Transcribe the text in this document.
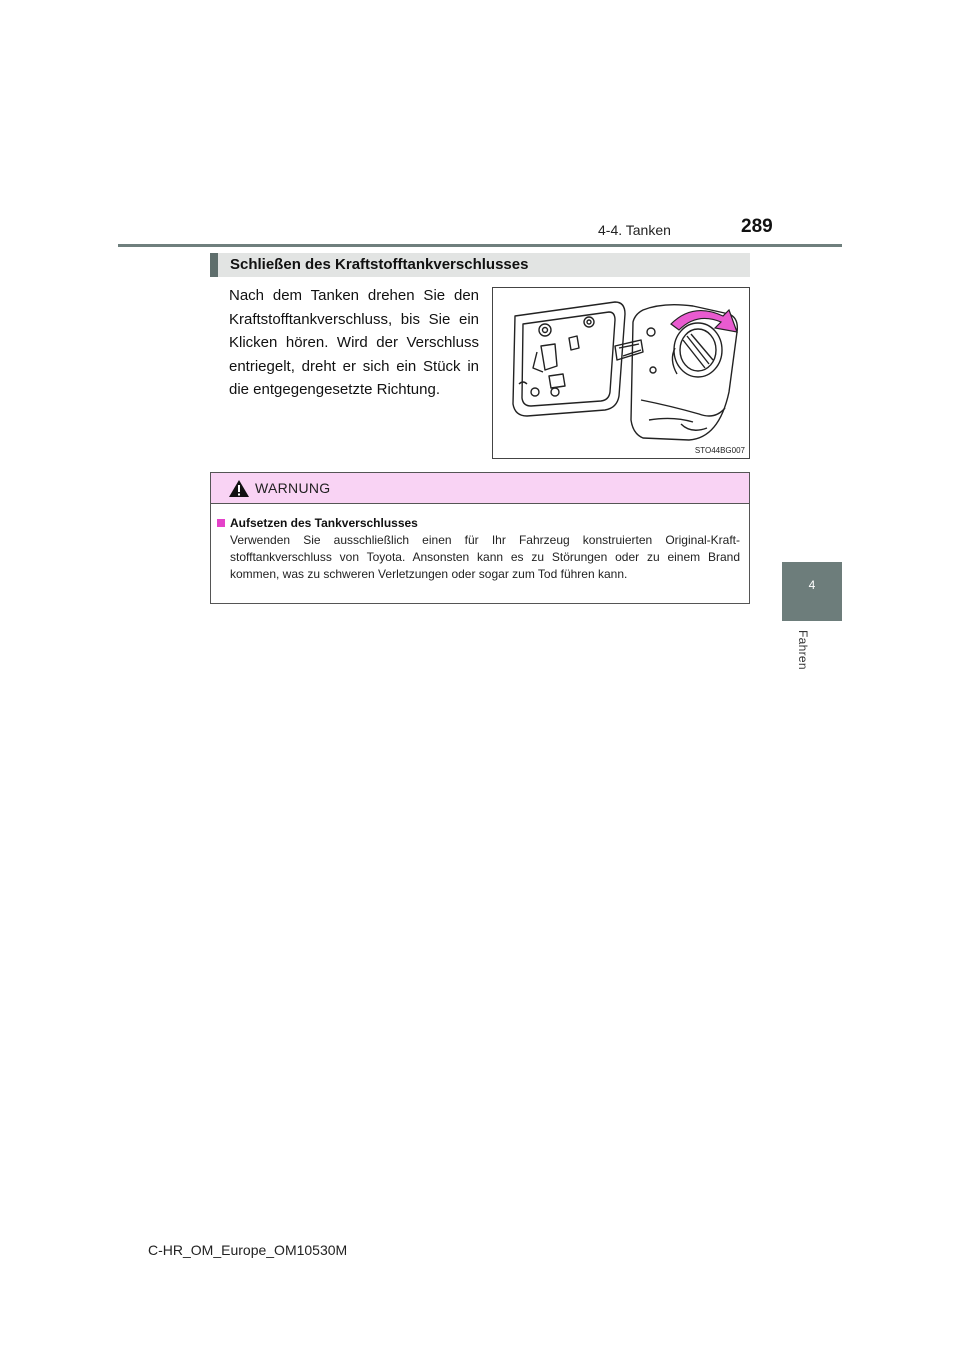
4-4. Tanken	289
4
Fahren
Schließen des Kraftstofftankverschlusses
Nach dem Tanken drehen Sie den Kraftstofftankverschluss, bis Sie ein Klicken hören. Wird der Verschluss entriegelt, dreht er sich ein Stück in die entgegengesetzte Richtung.
STO44BG007
WARNUNG
Aufsetzen des Tankverschlusses
Verwenden Sie ausschließlich einen für Ihr Fahrzeug konstruierten Original-Kraft-stofftankverschluss von Toyota. Ansonsten kann es zu Störungen oder zu einem Brand kommen, was zu schweren Verletzungen oder sogar zum Tod führen kann.
C-HR_OM_Europe_OM10530M
